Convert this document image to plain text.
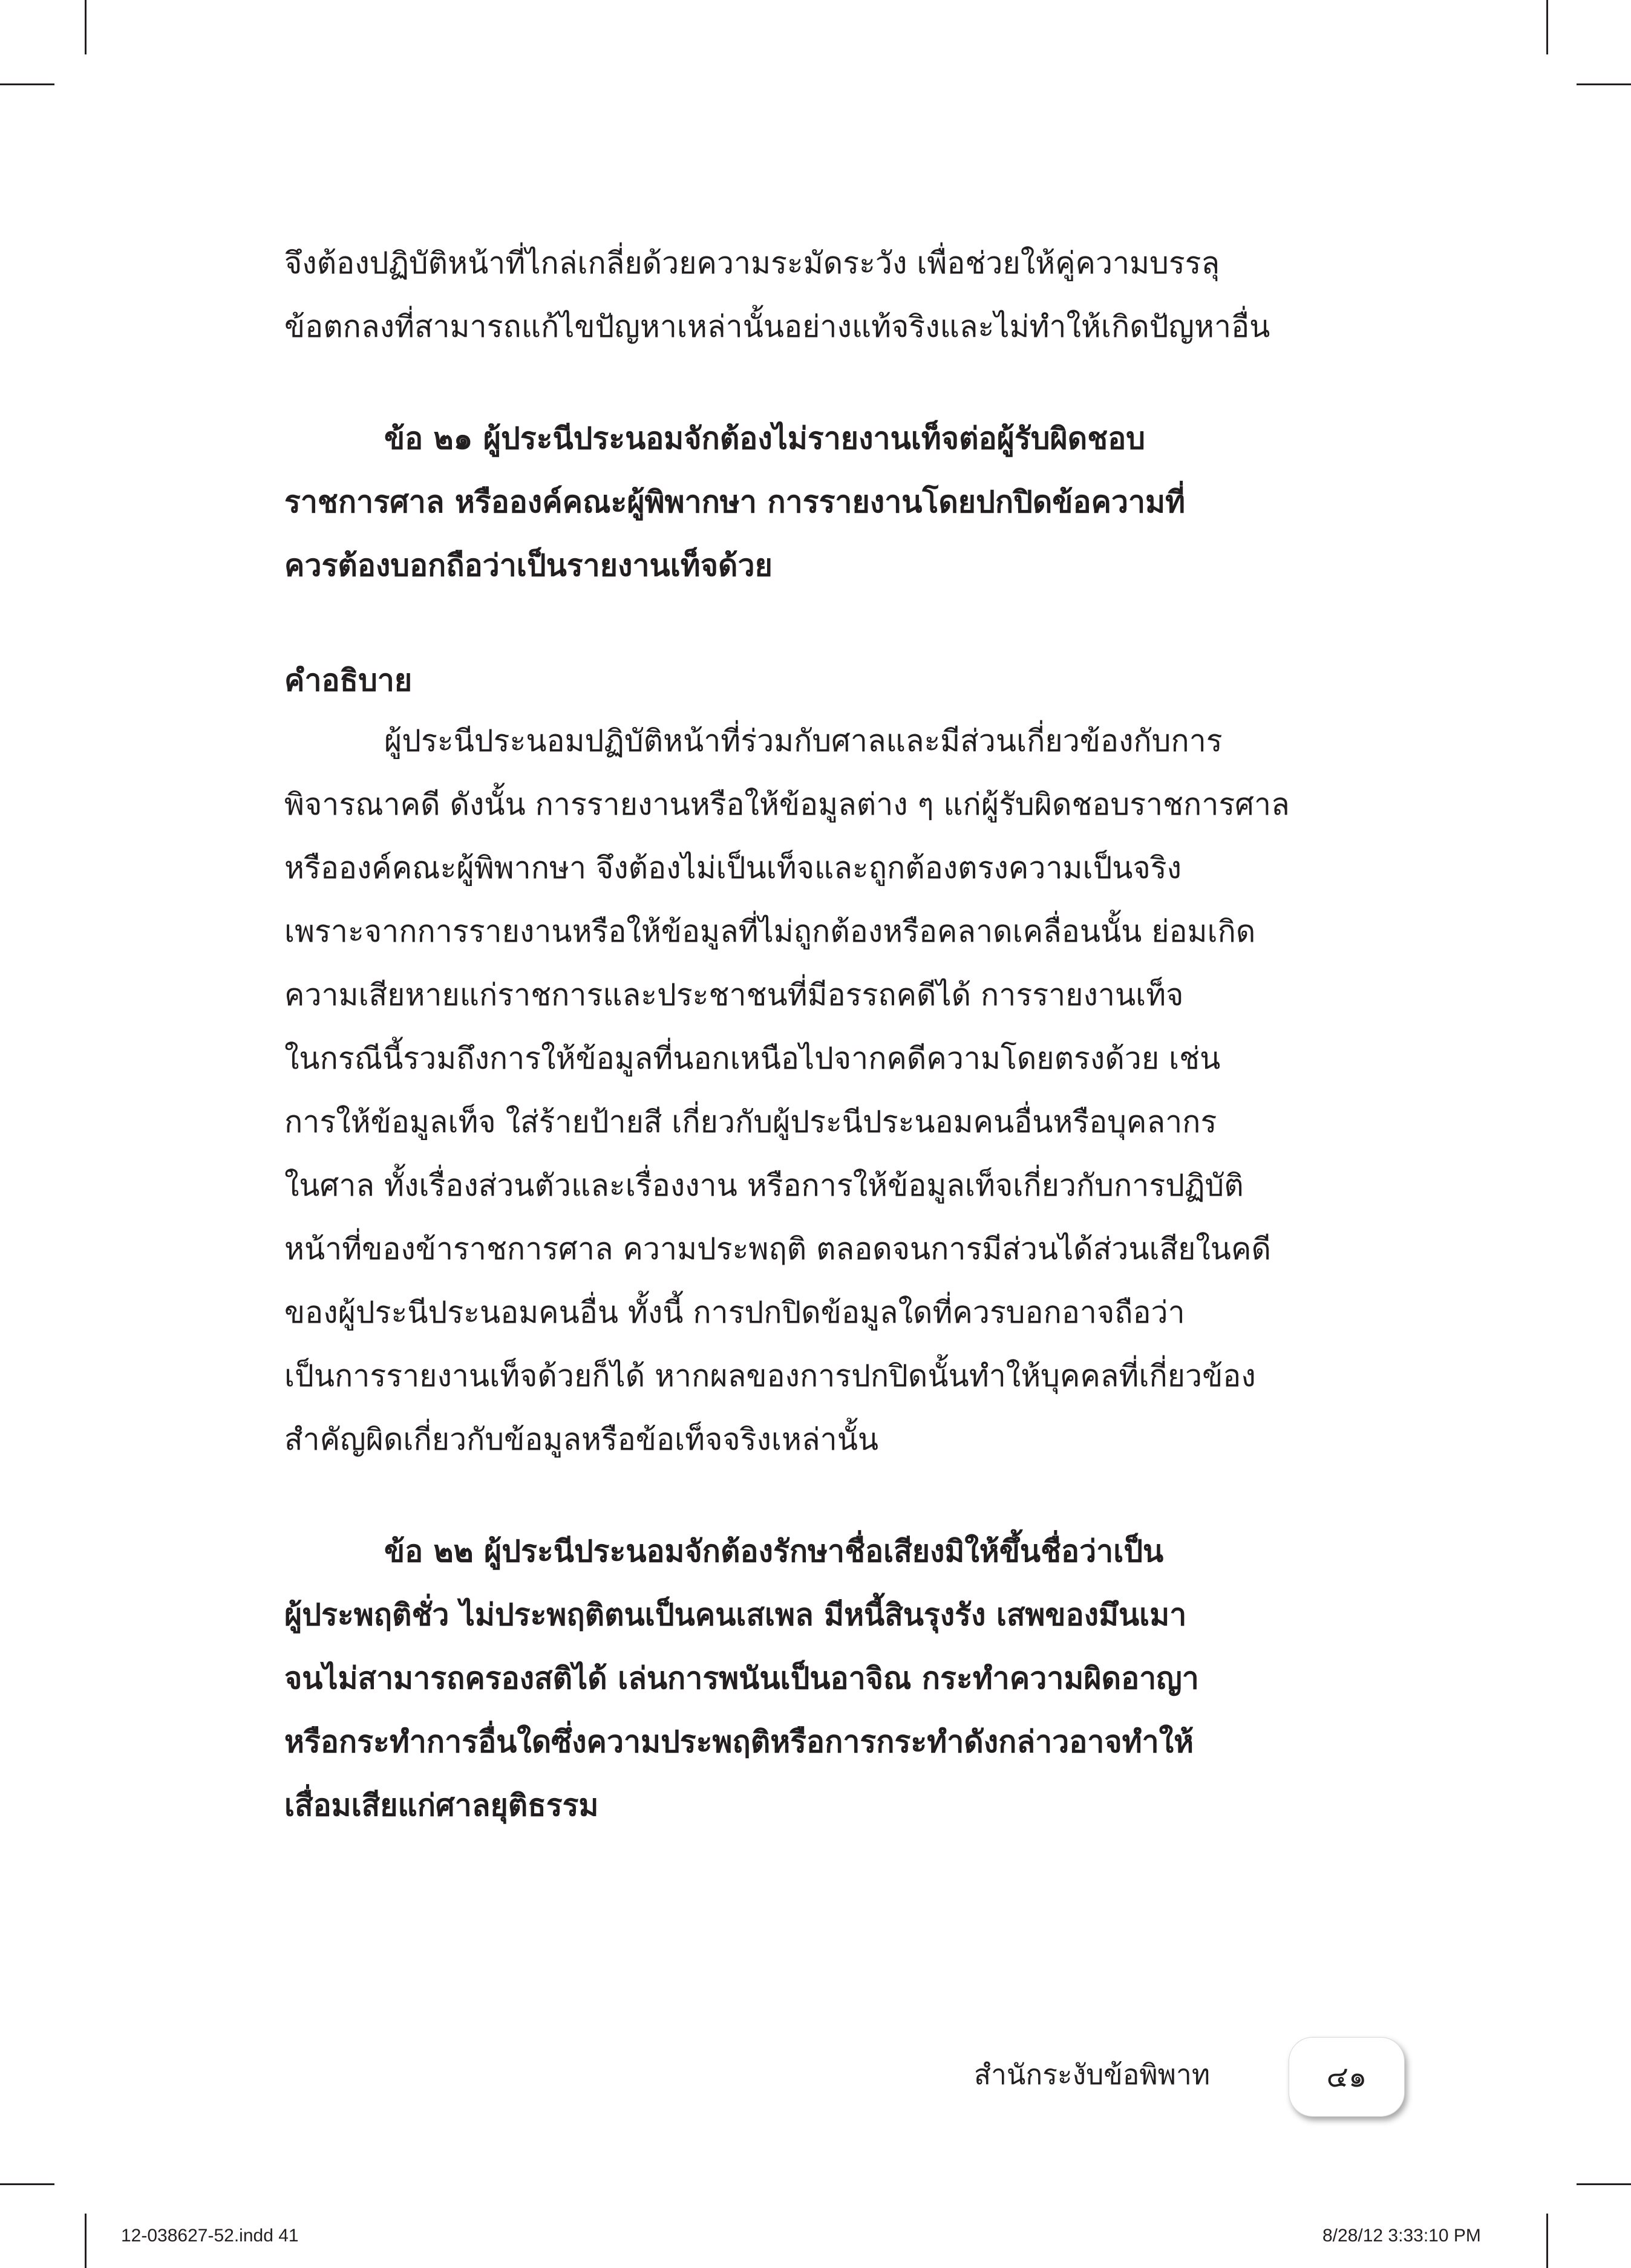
จึงต้องปฏิบัติหน้าที่ไกล่เกลี่ยด้วยความระมัดระวัง เพื่อช่วยให้คู่ความบรรลุ
ข้อตกลงที่สามารถแก้ไขปัญหาเหล่านั้นอย่างแท้จริงและไม่ทำให้เกิดปัญหาอื่น
ข้อ ๒๑ ผู้ประนีประนอมจักต้องไม่รายงานเท็จต่อผู้รับผิดชอบ
ราชการศาล หรือองค์คณะผู้พิพากษา การรายงานโดยปกปิดข้อความที่
ควรต้องบอกถือว่าเป็นรายงานเท็จด้วย
คำอธิบาย
ผู้ประนีประนอมปฏิบัติหน้าที่ร่วมกับศาลและมีส่วนเกี่ยวข้องกับการ
พิจารณาคดี ดังนั้น การรายงานหรือให้ข้อมูลต่าง ๆ แก่ผู้รับผิดชอบราชการศาล
หรือองค์คณะผู้พิพากษา จึงต้องไม่เป็นเท็จและถูกต้องตรงความเป็นจริง
เพราะจากการรายงานหรือให้ข้อมูลที่ไม่ถูกต้องหรือคลาดเคลื่อนนั้น ย่อมเกิด
ความเสียหายแก่ราชการและประชาชนที่มีอรรถคดีได้ การรายงานเท็จ
ในกรณีนี้รวมถึงการให้ข้อมูลที่นอกเหนือไปจากคดีความโดยตรงด้วย เช่น
การให้ข้อมูลเท็จ ใส่ร้ายป้ายสี เกี่ยวกับผู้ประนีประนอมคนอื่นหรือบุคลากร
ในศาล ทั้งเรื่องส่วนตัวและเรื่องงาน หรือการให้ข้อมูลเท็จเกี่ยวกับการปฏิบัติ
หน้าที่ของข้าราชการศาล ความประพฤติ ตลอดจนการมีส่วนได้ส่วนเสียในคดี
ของผู้ประนีประนอมคนอื่น ทั้งนี้ การปกปิดข้อมูลใดที่ควรบอกอาจถือว่า
เป็นการรายงานเท็จด้วยก็ได้ หากผลของการปกปิดนั้นทำให้บุคคลที่เกี่ยวข้อง
สำคัญผิดเกี่ยวกับข้อมูลหรือข้อเท็จจริงเหล่านั้น
ข้อ ๒๒ ผู้ประนีประนอมจักต้องรักษาชื่อเสียงมิให้ขึ้นชื่อว่าเป็น
ผู้ประพฤติชั่ว ไม่ประพฤติตนเป็นคนเสเพล มีหนี้สินรุงรัง เสพของมึนเมา
จนไม่สามารถครองสติได้ เล่นการพนันเป็นอาจิณ กระทำความผิดอาญา
หรือกระทำการอื่นใดซึ่งความประพฤติหรือการกระทำดังกล่าวอาจทำให้
เสื่อมเสียแก่ศาลยุติธรรม
สำนักระงับข้อพิพาท	๔๑
12-038627-52.indd 41	8/28/12 3:33:10 PM
